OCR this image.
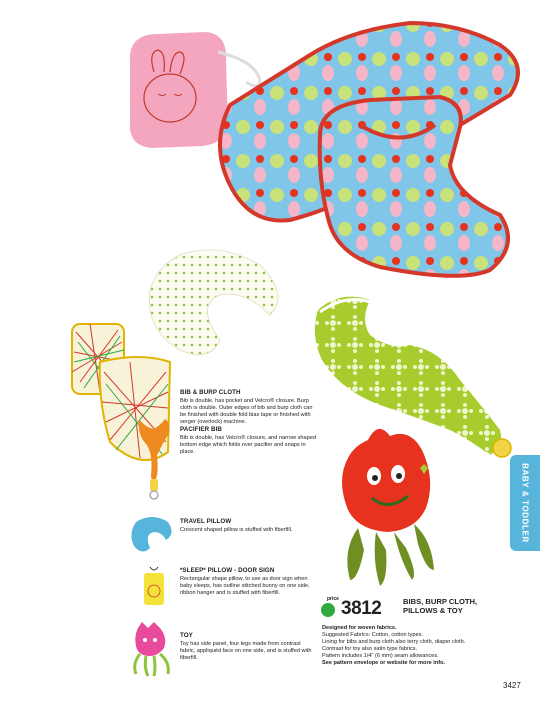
BIB & BURP CLOTH
Bib is double, has pocket and Velcro® closure. Burp cloth is double. Outer edges of bib and burp cloth can be finished with double fold bias tape or finished with serger (overlock) machine.
PACIFIER BIB
Bib is double, has Velcro® closure, and narrow shaped bottom edge which folds over pacifier and snaps in place.
TRAVEL PILLOW
Crescent shaped pillow is stuffed with fiberfill.
*SLEEP* PILLOW - DOOR SIGN
Rectangular shape pillow, to use as door sign when baby sleeps, has outline stitched bunny on one side, ribbon hanger and is stuffed with fiberfill.
TOY
Toy has side panel, four legs made from contrast fabric, appliquéd face on one side, and is stuffed with fiberfill.
BABY & TODDLER
price 3812	BIBS, BURP CLOTH,
PILLOWS & TOY
Designed for woven fabrics.
Suggested Fabrics: Cotton, cotton types.
Lining for bibs and burp cloth also terry cloth, diaper cloth.
Contrast for toy also satin type fabrics.
Pattern includes 1/4" (6 mm) seam allowances.
See pattern envelope or website for more info.
3427
